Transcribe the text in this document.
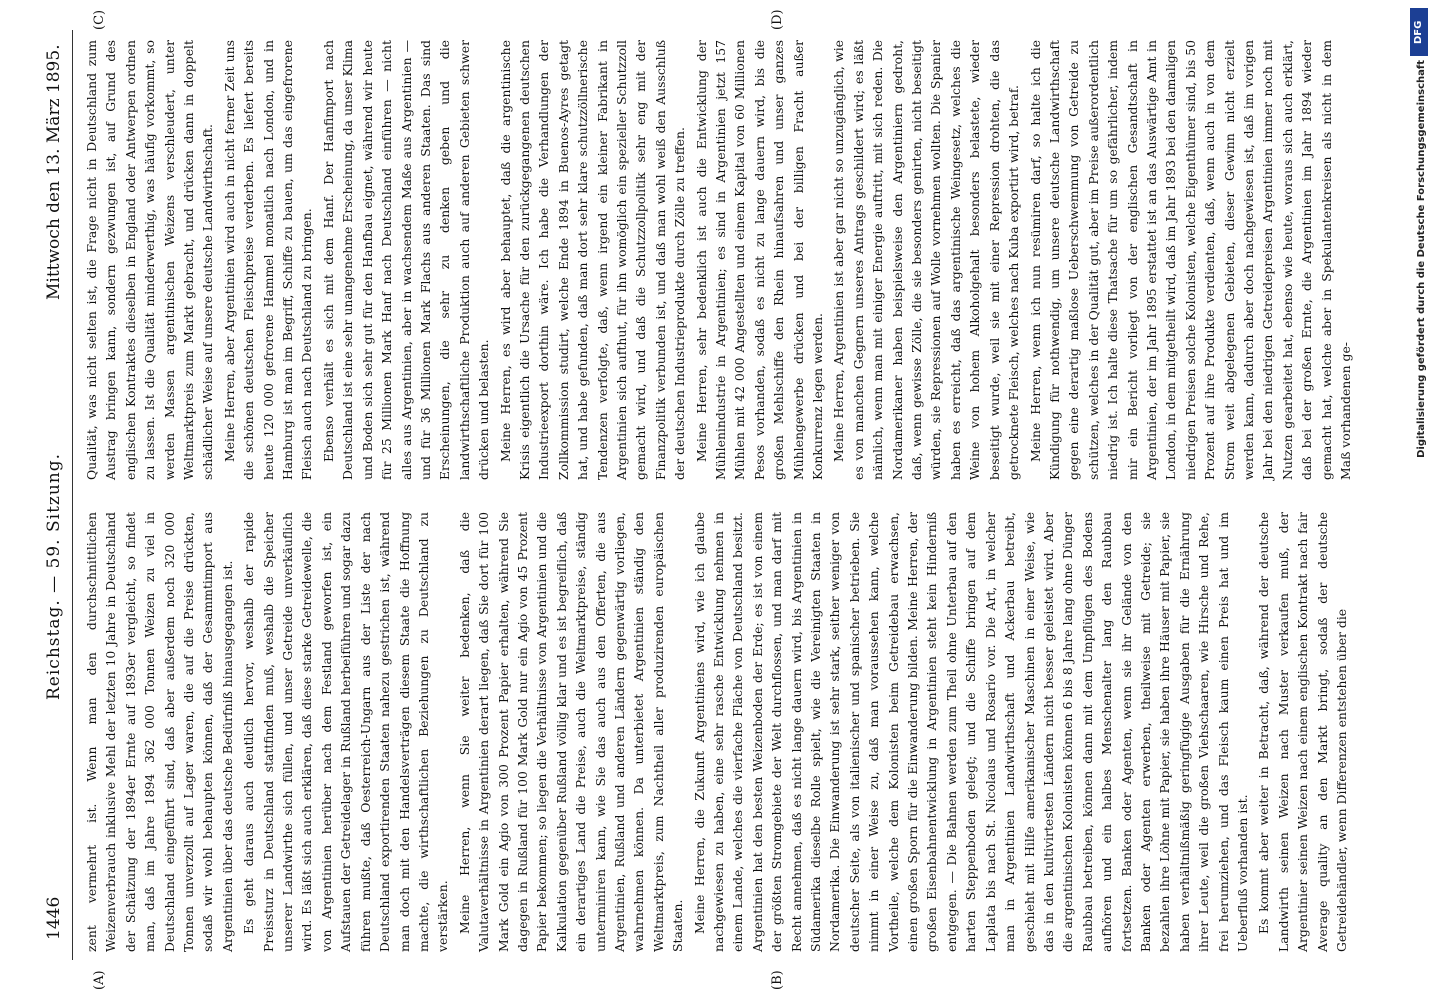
1446
Reichstag. — 59. Sitzung.
Mittwoch den 13. März 1895.
(A)	(B)
(C)	(D)

zent vermehrt ist. Wenn man den durchschnittlichen Weizenverbrauch inklusive Mehl der letzten 10 Jahre in Deutschland der Schätzung der 1894er Ernte auf 1893er vergleicht, so findet man, daß im Jahre 1894 362 000 Tonnen Weizen zu viel in Deutschland eingeführt sind, daß aber außerdem noch 320 000 Tonnen unverzollt auf Lager waren, die auf die Preise drückten, sodaß wir wohl behaupten können, daß der Gesammtimport aus Argentinien über das deutsche Bedürfniß hinausgegangen ist. Es geht daraus auch deutlich hervor, weshalb der rapide Preissturz in Deutschland stattfinden muß, weshalb die Speicher unserer Landwirthe sich füllen, und unser Getreide unverkäuflich wird. Es läßt sich auch erklären, daß diese starke Getreidewelle, die von Argentinien herüber nach dem Festland geworfen ist, ein Aufstauen der Getreidelager in Rußland herbeiführen und sogar dazu führen mußte, daß Oesterreich-Ungarn aus der Liste der nach Deutschland exportirenden Staaten nahezu gestrichen ist, während man doch mit den Handelsverträgen diesem Staate die Hoffnung machte, die wirthschaftlichen Beziehungen zu Deutschland zu verstärken. Meine Herren, wenn Sie weiter bedenken, daß die Valutaverhältnisse in Argentinien derart liegen, daß Sie dort für 100 Mark Gold ein Agio von 300 Prozent Papier erhalten, während Sie dagegen in Rußland für 100 Mark Gold nur ein Agio von 45 Prozent Papier bekommen; so liegen die Verhältnisse von Argentinien und die Kalkulation gegenüber Rußland völlig klar und es ist begreiflich, daß ein derartiges Land die Preise, auch die Weltmarktpreise, ständig unterminiren kann, wie Sie das auch aus den Offerten, die aus Argentinien, Rußland und anderen Ländern gegenwärtig vorliegen, wahrnehmen können. Da unterbietet Argentinien ständig den Weltmarktpreis, zum Nachtheil aller produzirenden europäischen Staaten. Meine Herren, die Zukunft Argentiniens wird, wie ich glaube nachgewiesen zu haben, eine sehr rasche Entwicklung nehmen in einem Lande, welches die vierfache Fläche von Deutschland besitzt. Argentinien hat den besten Weizenboden der Erde; es ist von einem der größten Stromgebiete der Welt durchflossen, und man darf mit Recht annehmen, daß es nicht lange dauern wird, bis Argentinien in Südamerika dieselbe Rolle spielt, wie die Vereinigten Staaten in Nordamerika. Die Einwanderung ist sehr stark, seither weniger von deutscher Seite, als von italienischer und spanischer betrieben. Sie nimmt in einer Weise zu, daß man voraussehen kann, welche Vortheile, welche dem Kolonisten beim Getreidebau erwachsen, einen großen Sporn für die Einwanderung bilden. Meine Herren, der großen Eisenbahnentwicklung in Argentinien steht kein Hinderniß entgegen. — Die Bahnen werden zum Theil ohne Unterbau auf den harten Steppenboden gelegt; und die Schiffe bringen auf dem Laplata bis nach St. Nicolaus und Rosario vor. Die Art, in welcher man in Argentinien Landwirthschaft und Ackerbau betreibt, geschieht mit Hilfe amerikanischer Maschinen in einer Weise, wie das in den kultivirtesten Ländern nicht besser geleistet wird. Aber die argentinischen Kolonisten können 6 bis 8 Jahre lang ohne Dünger Raubbau betreiben, können dann mit dem Umpflügen des Bodens aufhören und ein halbes Menschenalter lang den Raubbau fortsetzen. Banken oder Agenten, wenn sie ihr Gelände von den Banken oder Agenten erwerben, theilweise mit Getreide; sie bezahlen ihre Löhne mit Papier, sie haben ihre Häuser mit Papier, sie haben verhältnißmäßig geringfügige Ausgaben für die Ernährung ihrer Leute, weil die großen Viehschaaren, wie Hirsche und Rehe, frei herumziehen, und das Fleisch kaum einen Preis hat und im Ueberfluß vorhanden ist. Es kommt aber weiter in Betracht, daß, während der deutsche Landwirth seinen Weizen nach Muster verkaufen muß, der Argentinier seinen Weizen nach einem englischen Kontrakt nach fair Average quality an den Markt bringt, sodaß der deutsche Getreidehändler, wenn Differenzen entstehen über die

Qualität, was nicht selten ist, die Frage nicht in Deutschland zum Austrag bringen kann, sondern gezwungen ist, auf Grund des englischen Kontraktes dieselben in England oder Antwerpen ordnen zu lassen. Ist die Qualität minderwerthig, was häufig vorkommt, so werden Massen argentinischen Weizens verschleudert, unter Weltmarktpreis zum Markt gebracht, und drücken dann in doppelt schädlicher Weise auf unsere deutsche Landwirthschaft. Meine Herren, aber Argentinien wird auch in nicht ferner Zeit uns die schönen deutschen Fleischpreise verderben. Es liefert bereits heute 120 000 gefrorene Hammel monatlich nach London, und in Hamburg ist man im Begriff, Schiffe zu bauen, um das eingefrorene Fleisch auch nach Deutschland zu bringen. Ebenso verhält es sich mit dem Hanf. Der Hanfimport nach Deutschland ist eine sehr unangenehme Erscheinung, da unser Klima und Boden sich sehr gut für den Hanfbau eignet, während wir heute für 25 Millionen Mark Hanf nach Deutschland einführen — nicht alles aus Argentinien, aber in wachsendem Maße aus Argentinien — und für 36 Millionen Mark Flachs aus anderen Staaten. Das sind Erscheinungen, die sehr zu denken geben und die landwirthschaftliche Produktion auch auf anderen Gebieten schwer drücken und belasten. Meine Herren, es wird aber behauptet, daß die argentinische Krisis eigentlich die Ursache für den zurückgegangenen deutschen Industrieexport dorthin wäre. Ich habe die Verhandlungen der Zollkommission studirt, welche Ende 1894 in Buenos-Ayres getagt hat, und habe gefunden, daß man dort sehr klare schutzzöllnerische Tendenzen verfolgte, daß, wenn irgend ein kleiner Fabrikant in Argentinien sich aufthut, für ihn womöglich ein spezieller Schutzzoll gemacht wird, und daß die Schutzzollpolitik sehr eng mit der Finanzpolitik verbunden ist, und daß man wohl weiß den Ausschluß der deutschen Industrieprodukte durch Zölle zu treffen. Meine Herren, sehr bedenklich ist auch die Entwicklung der Mühlenindustrie in Argentinien; es sind in Argentinien jetzt 157 Mühlen mit 42 000 Angestellten und einem Kapital von 60 Millionen Pesos vorhanden, sodaß es nicht zu lange dauern wird, bis die großen Mehlschiffe den Rhein hinaufsahren und unser ganzes Mühlengewerbe drücken und bei der billigen Fracht außer Konkurrenz legen werden. Meine Herren, Argentinien ist aber gar nicht so unzugänglich, wie es von manchen Gegnern unseres Antrags geschildert wird; es läßt nämlich, wenn man mit einiger Energie auftritt, mit sich reden. Die Nordamerikaner haben beispielsweise den Argentiniern gedroht, daß, wenn gewisse Zölle, die sie besonders genirten, nicht beseitigt würden, sie Repressionen auf Wolle vornehmen wollten. Die Spanier haben es erreicht, daß das argentinische Weingesetz, welches die Weine von hohem Alkoholgehalt besonders belastete, wieder beseitigt wurde, weil sie mit einer Repression drohten, die das getrocknete Fleisch, welches nach Kuba exportirt wird, betraf. Meine Herren, wenn ich nun resümiren darf, so halte ich die Kündigung für nothwendig, um unsere deutsche Landwirthschaft gegen eine derartig maßlose Ueberschwemmung von Getreide zu schützen, welches in der Qualität gut, aber im Preise außerordentlich niedrig ist. Ich halte diese Thatsache für um so gefährlicher, indem mir ein Bericht vorliegt von der englischen Gesandtschaft in Argentinien, der im Jahr 1895 erstattet ist an das Auswärtige Amt in London, in dem mitgetheilt wird, daß im Jahr 1893 bei den damaligen niedrigen Preisen solche Kolonisten, welche Eigenthümer sind, bis 50 Prozent auf ihre Produkte verdienten, daß, wenn auch in von dem Strom weit abgelegenen Gebieten, dieser Gewinn nicht erzielt werden kann, dadurch aber doch nachgewiesen ist, daß im vorigen Jahr bei den niedrigen Getreidepreisen Argentinien immer noch mit Nutzen gearbeitet hat, ebenso wie heute, woraus sich auch erklärt, daß bei der großen Ernte, die Argentinien im Jahr 1894 wieder gemacht hat, welche aber in Spekulantenkreisen als nicht in dem Maß vorhandenen ge-

DFG
Digitalisierung gefördert durch die Deutsche Forschungsgemeinschaft
